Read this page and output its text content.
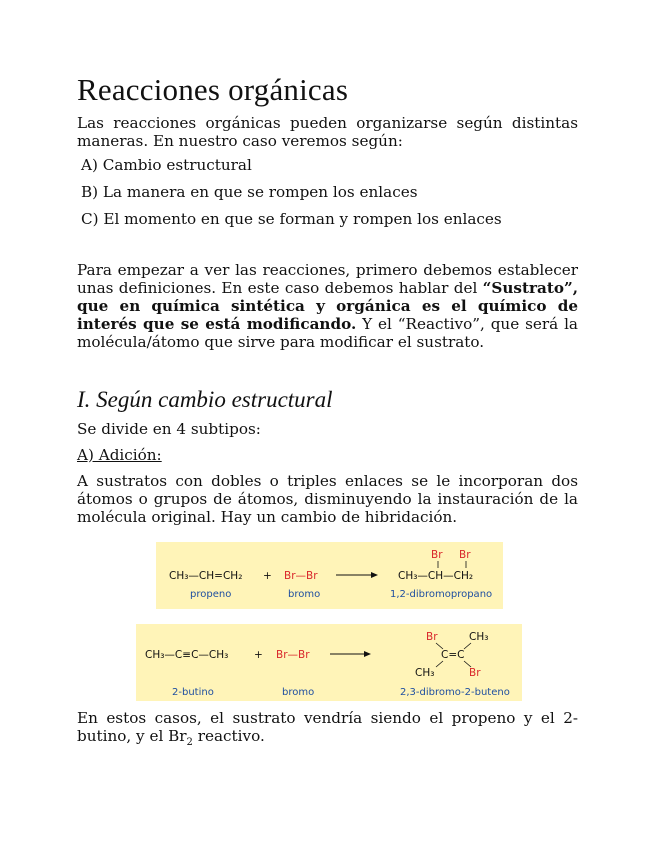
Reacciones orgánicas

Las reacciones orgánicas pueden organizarse según distintas maneras. En nuestro caso veremos según:

A) Cambio estructural
B) La manera en que se rompen los enlaces
C) El momento en que se forman y rompen los enlaces

Para empezar a ver las reacciones, primero debemos establecer unas definiciones. En este caso debemos hablar del “Sustrato”, que en química sintética y orgánica es el químico de interés que se está modificando. Y el “Reactivo”, que será la molécula/átomo que sirve para modificar el sustrato.

I. Según cambio estructural

Se divide en 4 subtipos:

A) Adición:

A sustratos con dobles o triples enlaces se le incorporan dos átomos o grupos de átomos, disminuyendo la instauración de la molécula original. Hay un cambio de hibridación.

CH₃—CH=CH₂ + Br—Br
Br Br
CH₃—CH—CH₂
propeno	bromo	1,2-dibromopropano
CH₃—C≡C—CH₃ + Br—Br
Br	CH₃
C=C
CH₃	Br
2-butino	bromo	2,3-dibromo-2-buteno

En estos casos, el sustrato vendría siendo el propeno y el 2-butino, y el $Br_2$ reactivo.
